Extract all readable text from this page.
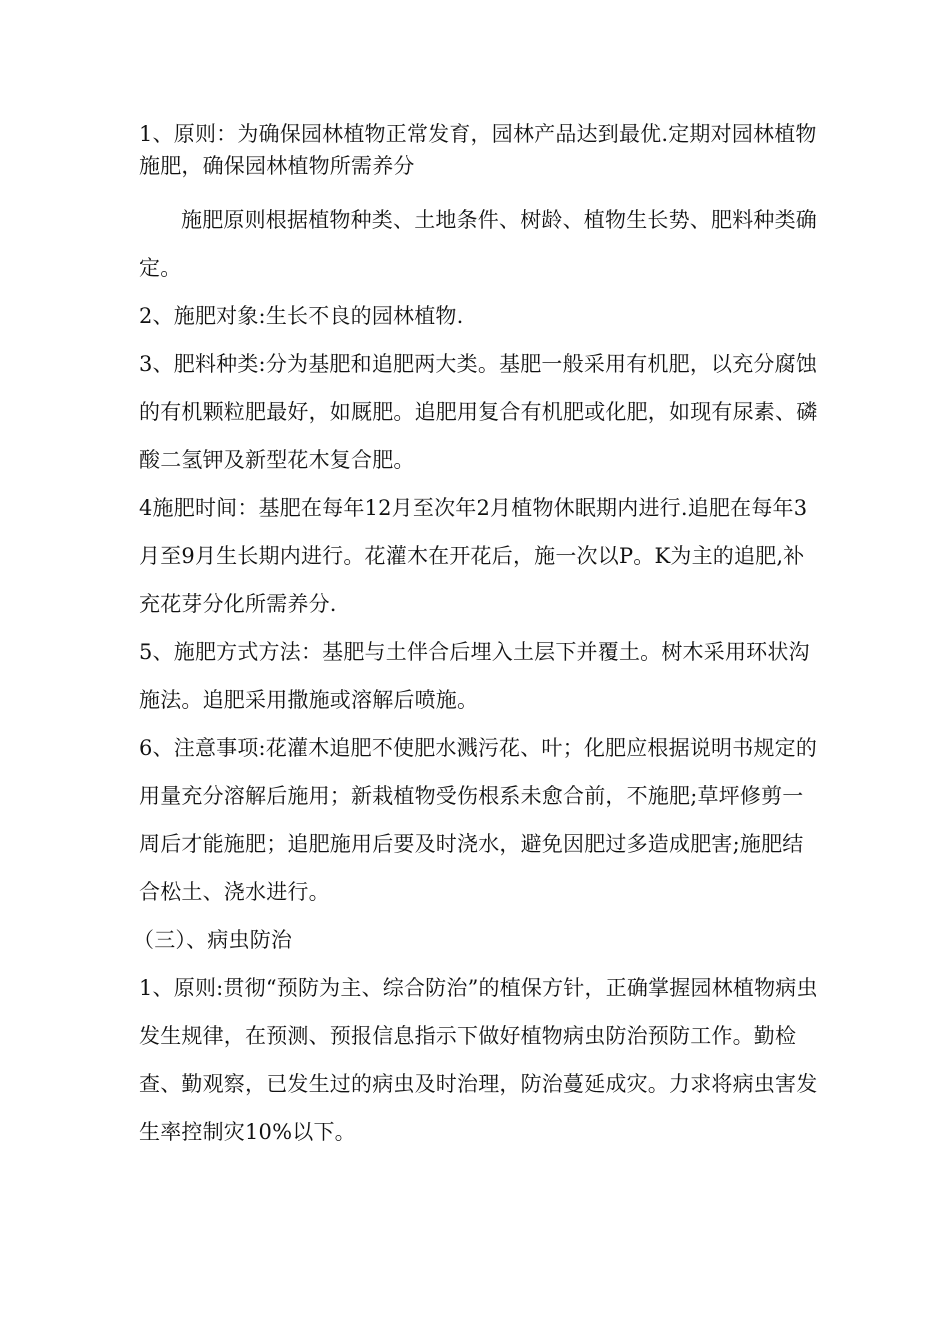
1、原则：为确保园林植物正常发育，园林产品达到最优.定期对园林植物施肥，确保园林植物所需养分

施肥原则根据植物种类、土地条件、树龄、植物生长势、肥料种类确定。

2、施肥对象:生长不良的园林植物.

3、肥料种类:分为基肥和追肥两大类。基肥一般采用有机肥，以充分腐蚀的有机颗粒肥最好，如厩肥。追肥用复合有机肥或化肥，如现有尿素、磷酸二氢钾及新型花木复合肥。

4施肥时间：基肥在每年12月至次年2月植物休眠期内进行.追肥在每年3月至9月生长期内进行。花灌木在开花后，施一次以P。K为主的追肥,补充花芽分化所需养分.

5、施肥方式方法：基肥与土伴合后埋入土层下并覆土。树木采用环状沟施法。追肥采用撒施或溶解后喷施。

6、注意事项:花灌木追肥不使肥水溅污花、叶；化肥应根据说明书规定的用量充分溶解后施用；新栽植物受伤根系未愈合前，不施肥;草坪修剪一周后才能施肥；追肥施用后要及时浇水，避免因肥过多造成肥害;施肥结合松土、浇水进行。

（三）、病虫防治

1、原则:贯彻“预防为主、综合防治”的植保方针，正确掌握园林植物病虫发生规律，在预测、预报信息指示下做好植物病虫防治预防工作。勤检查、勤观察，已发生过的病虫及时治理，防治蔓延成灾。力求将病虫害发生率控制灾10%以下。
